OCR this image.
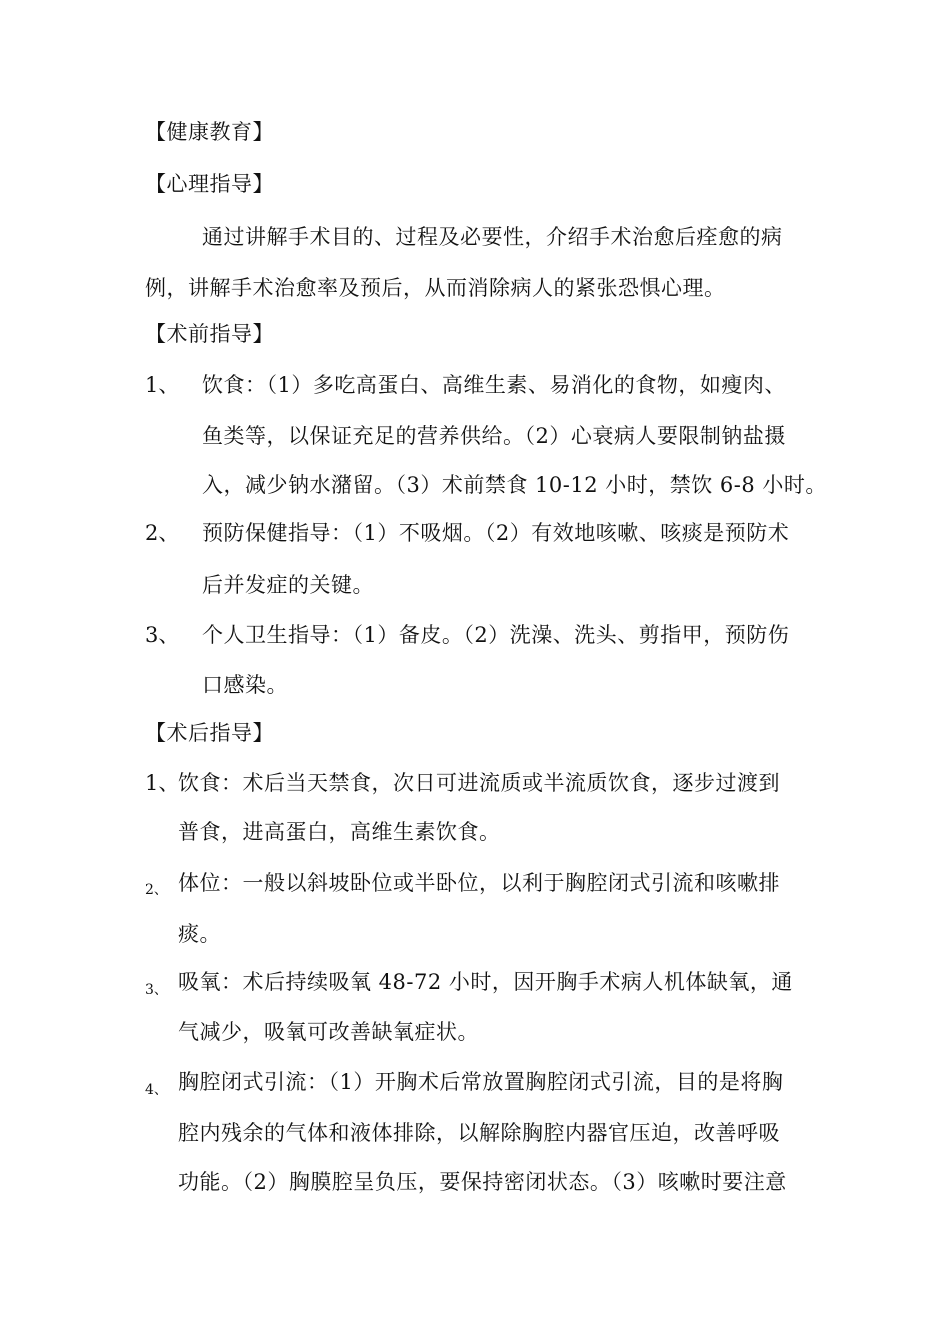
【健康教育】
【心理指导】
通过讲解手术目的、过程及必要性，介绍手术治愈后痊愈的病
例，讲解手术治愈率及预后，从而消除病人的紧张恐惧心理。
【术前指导】
1、 饮食：（1）多吃高蛋白、高维生素、易消化的食物，如瘦肉、
鱼类等，以保证充足的营养供给。（2）心衰病人要限制钠盐摄
入，减少钠水潴留。（3）术前禁食 10-12 小时，禁饮 6-8 小时。
2、 预防保健指导：（1）不吸烟。（2）有效地咳嗽、咳痰是预防术
后并发症的关键。
3、 个人卫生指导：（1）备皮。（2）洗澡、洗头、剪指甲，预防伤
口感染。
【术后指导】
1、
饮食：术后当天禁食，次日可进流质或半流质饮食，逐步过渡到
普食，进高蛋白，高维生素饮食。
2、 体位：一般以斜坡卧位或半卧位，以利于胸腔闭式引流和咳嗽排
痰。
3、 吸氧：术后持续吸氧 48-72 小时，因开胸手术病人机体缺氧，通
气减少，吸氧可改善缺氧症状。
4、 胸腔闭式引流：（1）开胸术后常放置胸腔闭式引流，目的是将胸
腔内残余的气体和液体排除，以解除胸腔内器官压迫，改善呼吸
功能。（2）胸膜腔呈负压，要保持密闭状态。（3）咳嗽时要注意
